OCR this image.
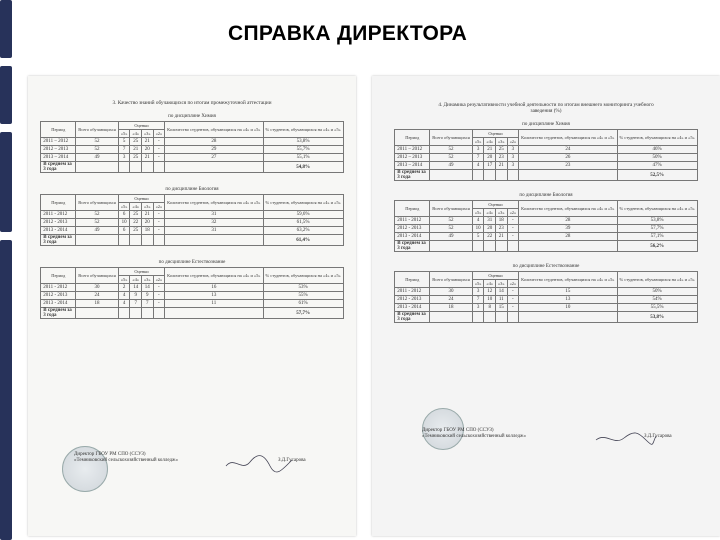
СПРАВКА ДИРЕКТОРА
3. Качество знаний обучающихся по итогам промежуточной аттестации
по дисциплине Химия
Период	Всего обучающихся	Оценки				Количество студентов, обучающихся на «4» и «5»	% студентов, обучающихся на «4» и «5»
		«5»	«4»	«3»	«2»		
2011 – 2012	52	5	25	21	-	28	53,8%
2012 – 2013	52	7	21	20	-	29	55,7%
2013 – 2014	49	3	25	21	-	27	55,1%
В среднем за 3 года							54,8%
по дисциплине Биология
Период	Всего обучающихся	Оценки				Количество студентов, обучающихся на «4» и «5»	% студентов, обучающихся на «4» и «5»
		«5»	«4»	«3»	«2»		
2011 - 2012	52	6	25	21	-	31	59,6%
2012 - 2013	52	10	22	20	-	32	61,5%
2013 - 2014	49	6	25	18	-	31	63,2%
В среднем за 3 года							61,4%
по дисциплине Естествознание
Период	Всего обучающихся	Оценки				Количество студентов, обучающихся на «4» и «5»	% студентов, обучающихся на «4» и «5»
		«5»	«4»	«3»	«2»		
2011 - 2012	30	2	14	14	-	16	53%
2012 - 2013	24	4	9	9	-	13	55%
2013 - 2014	18	4	7	7	-	11	61%
В среднем за 3 года							57,7%
Директор ГБОУ РМ СПО (ССУЗ)
«Темниковский сельскохозяйственный колледж»	З.Д.Гусарова
4. Динамика результативности учебной деятельности по итогам внешнего мониторинга учебного заведения (%)
по дисциплине Химия
Период	Всего обучающихся	Оценки				Количество студентов, обучающихся на «4» и «5»	% студентов, обучающихся на «4» и «5»
		«5»	«4»	«3»	«2»		
2011 – 2012	52	3	21	25	3	24	46%
2012 – 2013	52	7	20	23	3	26	50%
2013 – 2014	49	4	17	21	3	23	47%
В среднем за 3 года							52,5%
по дисциплине Биология
Период	Всего обучающихся	Оценки				Количество студентов, обучающихся на «4» и «5»	% студентов, обучающихся на «4» и «5»
		«5»	«4»	«3»	«2»		
2011 - 2012	52	4	31	18	-	28	53,8%
2012 - 2013	52	10	20	23	-	39	57,7%
2013 - 2014	49	5	22	21	-	28	57,1%
В среднем за 3 года							56,2%
по дисциплине Естествознание
Период	Всего обучающихся	Оценки				Количество студентов, обучающихся на «4» и «5»	% студентов, обучающихся на «4» и «5»
		«5»	«4»	«3»	«2»		
2011 - 2012	30	3	12	14	-	15	50%
2012 - 2013	24	7	10	11	-	13	54%
2013 - 2014	18	3	8	15	-	10	55,5%
В среднем за 3 года							53,8%
Директор ГБОУ РМ СПО (ССУЗ)
«Темниковский сельскохозяйственный колледж»	З.Д.Гусарова
